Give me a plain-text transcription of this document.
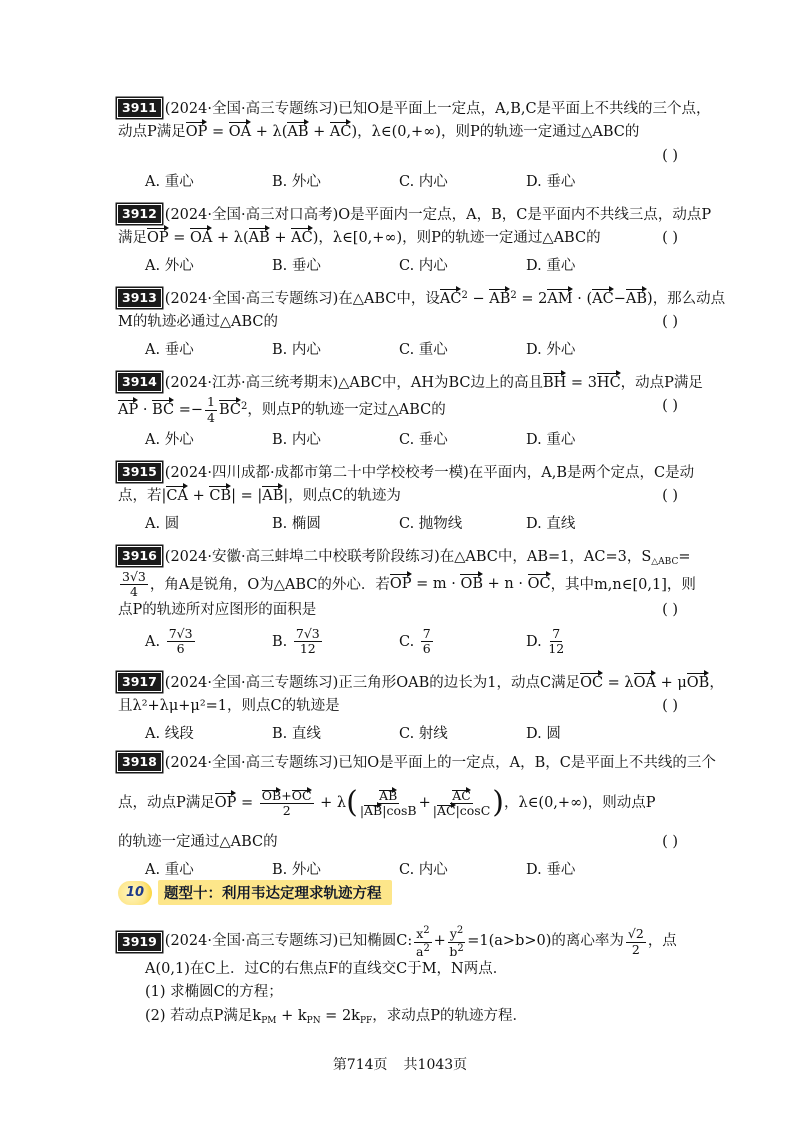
3911 (2024·全国·高三专题练习)已知O是平面上一定点，A,B,C是平面上不共线的三个点，
动点P满足OP = OA + λ(AB + AC)，λ∈(0,+∞)，则P的轨迹一定通过△ABC的
( )
A. 重心	B. 外心	C. 内心	D. 垂心
3912 (2024·全国·高三对口高考)O是平面内一定点，A，B，C是平面内不共线三点，动点P
满足OP = OA + λ(AB + AC)，λ∈[0,+∞)，则P的轨迹一定通过△ABC的	( )
A. 外心	B. 垂心	C. 内心	D. 重心
3913 (2024·全国·高三专题练习)在△ABC中，设$AC^2 - AB^2 = 2AM \cdot (AC-AB)$，那么动点
M的轨迹必通过△ABC的	( )
A. 垂心	B. 内心	C. 重心	D. 外心
3914 (2024·江苏·高三统考期末)△ABC中，AH为BC边上的高且BH = 3HC，动点P满足
AP · BC =− $\frac{1}{4} BC^2$，则点P的轨迹一定过△ABC的	( )
A. 外心	B. 内心	C. 垂心	D. 重心
3915 (2024·四川成都·成都市第二十中学校校考一模)在平面内，A,B是两个定点，C是动
点，若|CA + CB| = |AB|，则点C的轨迹为	( )
A. 圆	B. 椭圆	C. 抛物线	D. 直线
3916 (2024·安徽·高三蚌埠二中校联考阶段练习)在△ABC中，AB=1，AC=3，$S_{\triangle ABC}=$
$\frac{3√3}{4}$ ，角A是锐角，O为△ABC的外心．若OP = m · OB + n · OC，其中m,n∈[0,1]，则
点P的轨迹所对应图形的面积是	( )
A. $\frac{7√3}{6}$	B. $\frac{7√3}{12}$	C. $\frac{7}{6}$	D. $\frac{7}{12}$
3917 (2024·全国·高三专题练习)正三角形OAB的边长为1，动点C满足OC = λOA + μOB，
且λ²+λμ+μ²=1，则点C的轨迹是	( )
A. 线段	B. 直线	C. 射线	D. 圆
3918 (2024·全国·高三专题练习)已知O是平面上的一定点，A，B，C是平面上不共线的三个
点，动点P满足 OP = $\frac{OB+OC}{2} + \lambda$ ( $\frac{AB}{|AB|\cos B} + \frac{AC}{|AC|\cos C}$ ) ，λ∈(0,+∞)，则动点P
的轨迹一定通过△ABC的	( )
A. 重心	B. 外心	C. 内心	D. 垂心
10	题型十：利用韦达定理求轨迹方程
3919 (2024·全国·高三专题练习) 已知椭圆C: $\frac{x^2}{a^2} + \frac{y^2}{b^2} =1$ (a>b>0)的离心率为 $\frac{√2}{2}$ ，点
A(0,1)在C上．过C的右焦点F的直线交C于M，N两点．
(1) 求椭圆C的方程；
(2) 若动点P满足$k_{PM} + k_{PN} = 2k_{PF}$，求动点P的轨迹方程．
第714页 共1043页
